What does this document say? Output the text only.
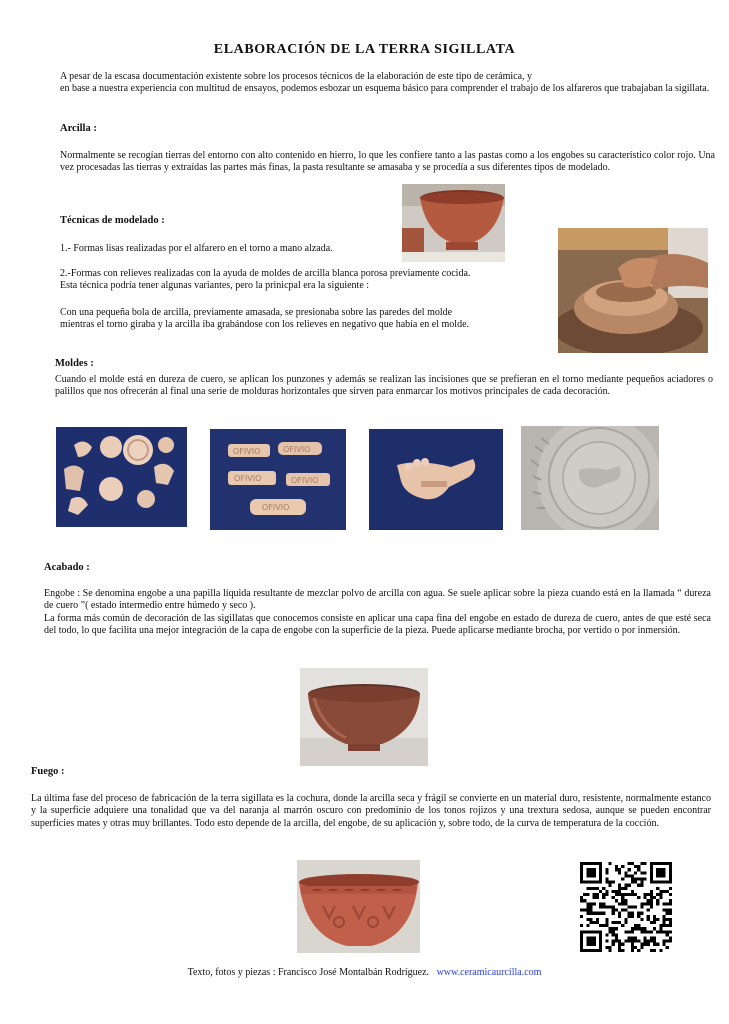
ELABORACIÓN DE LA TERRA SIGILLATA

A pesar de la escasa documentación existente sobre los procesos técnicos de la elaboración de este tipo de cerámica, y

en base a nuestra experiencia con multitud de ensayos, podemos esbozar un esquema básico para comprender el trabajo de los alfareros que trabajaban la sigillata.

Arcilla :

Normalmente se recogían tierras del entorno con alto contenido en hierro, lo que les confiere tanto a las pastas como a los engobes su característico color rojo. Una vez procesadas las tierras y extraídas las partes más finas, la pasta resultante se amasaba y se procedía a sus diferentes tipos de modelado.

Técnicas de modelado :
1.- Formas lisas realizadas por el alfarero en el torno a mano alzada.

2.-Formas con relieves realizadas con la ayuda de moldes de arcilla blanca porosa previamente cocida.

Esta técnica podría tener algunas variantes, pero la prinicpal era la siguiente :

Con una pequeña bola de arcilla, previamente amasada, se presionaba sobre las paredes del molde

mientras el torno giraba y la arcilla iba grabándose con los relieves en negativo que había en el molde.

Moldes :

Cuando el molde está en dureza de cuero, se aplican los punzones y además se realizan las incisiones que se prefieran en el torno mediante pequeños aciadores o palillos que nos ofrecerán al final una serie de molduras horizontales que sirven para enmarcar los motivos principales de cada decoración.

OFIVIO	OFIVIO
OFIVIO	OFIVIO
OFIVIO
Acabado :

Engobe : Se denomina engobe a una papilla líquida resultante de mezclar polvo de arcilla con agua. Se suele aplicar sobre la pieza cuando está en la llamada “ dureza de cuero ”( estado intermedio entre húmedo y seco ).

La forma más común de decoración de las sigillatas que conocemos consiste en aplicar una capa fina del engobe en estado de dureza de cuero, antes de que esté seca del todo, lo que facilita una mejor integración de la capa de engobe con la superficie de la pieza. Puede aplicarse mediante brocha, por vertido o por inmersión.

Fuego :

La última fase del proceso de fabricación de la terra sigillata es la cochura, donde la arcilla seca y frágil se convierte en un material duro, resistente, normalmente estanco y la superficie adquiere una tonalidad que va del naranja al marrón oscuro con predominio de los tonos rojizos y una trextura sedosa, aunque se pueden encontrar superficies mates y otras muy brillantes. Todo esto depende de la arcilla, del engobe, de su aplicación y, sobre todo, de la curva de temperatura de la cocción.

Texto, fotos y piezas : Francisco José Montalbán Rodríguez. www.ceramicaurcilla.com
